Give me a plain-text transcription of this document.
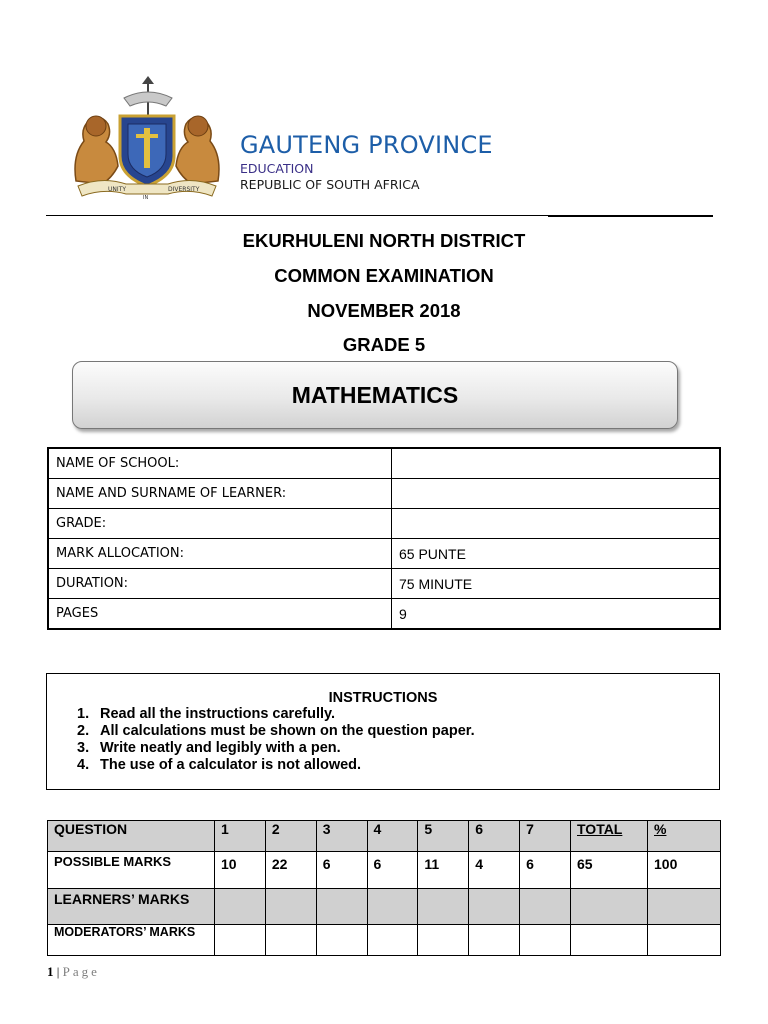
UNITY
IN
DIVERSITY
GAUTENG PROVINCE
EDUCATION
REPUBLIC OF SOUTH AFRICA
EKURHULENI NORTH DISTRICT
COMMON EXAMINATION
NOVEMBER 2018
GRADE 5
MATHEMATICS
NAME OF SCHOOL:	
NAME AND SURNAME OF LEARNER:	
GRADE:	
MARK ALLOCATION:	65 PUNTE
DURATION:	75 MINUTE
PAGES	9
INSTRUCTIONS
1. Read all the instructions carefully.
2. All calculations must be shown on the question paper.
3. Write neatly and legibly with a pen.
4. The use of a calculator is not allowed.
QUESTION	1	2	3	4	5	6	7	TOTAL	%
POSSIBLE MARKS	10	22	6	6	11	4	6	65	100
LEARNERS’ MARKS									
MODERATORS’ MARKS									
1 | Page
